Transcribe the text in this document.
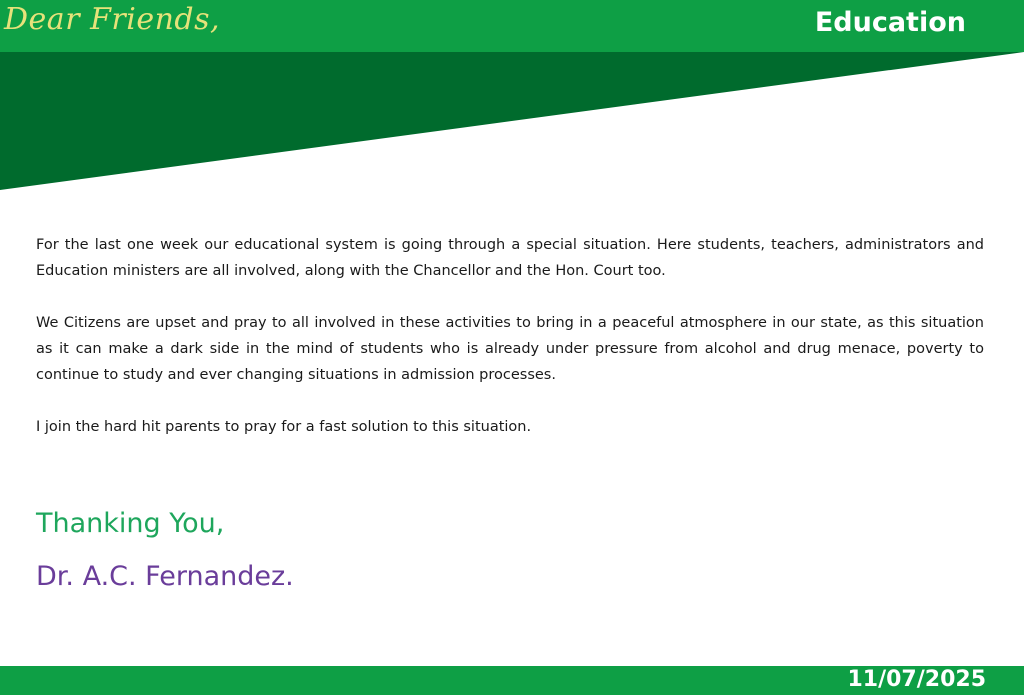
Dear Friends,	Education

For the last one week our educational system is going through a special situation. Here students, teachers, administrators and Education ministers are all involved, along with the Chancellor and the Hon. Court too.

We Citizens are upset and pray to all involved in these activities to bring in a peaceful atmosphere in our state, as this situation as it can make a dark side in the mind of students who is already under pressure from alcohol and drug menace, poverty to continue to study and ever changing situations in admission processes.

I join the hard hit parents to pray for a fast solution to this situation.

Thanking You,
Dr. A.C. Fernandez.
11/07/2025
